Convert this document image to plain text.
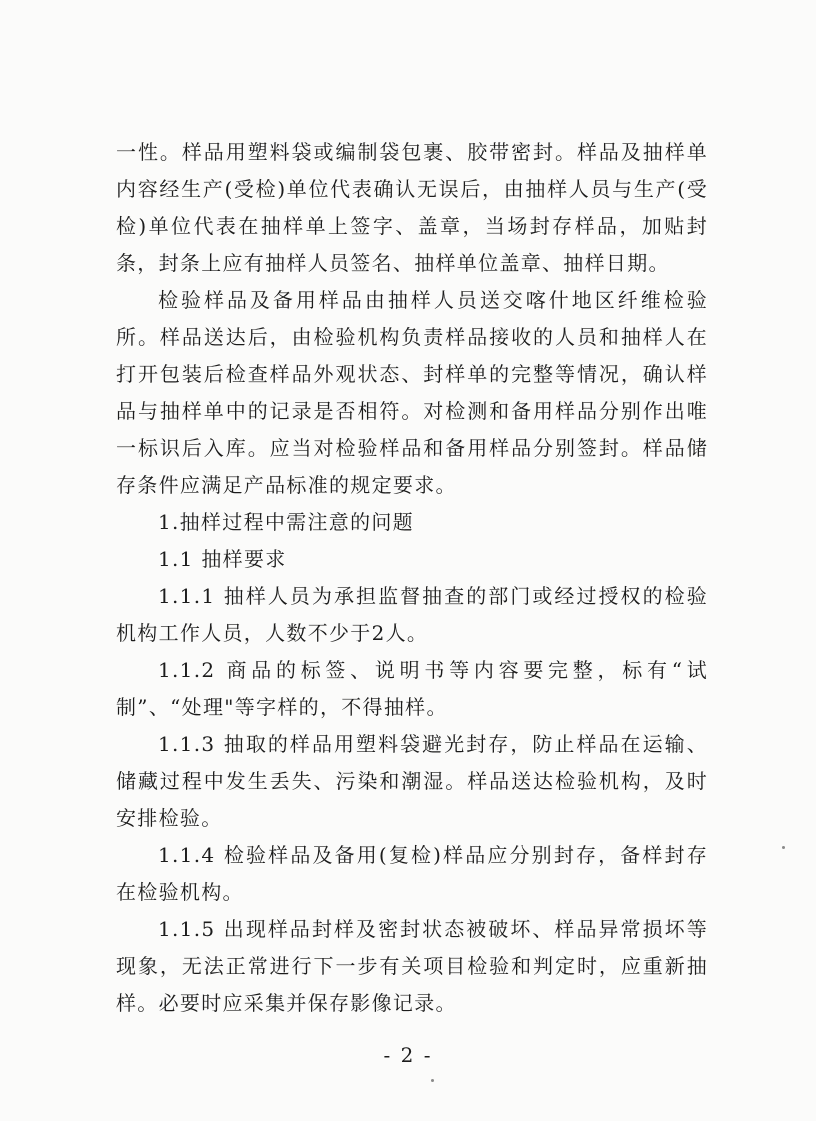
一性。样品用塑料袋或编制袋包裹、胶带密封。样品及抽样单内容经生产(受检)单位代表确认无误后，由抽样人员与生产(受检)单位代表在抽样单上签字、盖章，当场封存样品，加贴封条，封条上应有抽样人员签名、抽样单位盖章、抽样日期。

检验样品及备用样品由抽样人员送交喀什地区纤维检验所。样品送达后，由检验机构负责样品接收的人员和抽样人在打开包装后检查样品外观状态、封样单的完整等情况，确认样品与抽样单中的记录是否相符。对检测和备用样品分别作出唯一标识后入库。应当对检验样品和备用样品分别签封。样品储存条件应满足产品标准的规定要求。

1.抽样过程中需注意的问题

1.1 抽样要求

1.1.1 抽样人员为承担监督抽查的部门或经过授权的检验机构工作人员，人数不少于2人。

1.1.2 商品的标签、说明书等内容要完整，标有“试制”、“处理"等字样的，不得抽样。

1.1.3 抽取的样品用塑料袋避光封存，防止样品在运输、储藏过程中发生丢失、污染和潮湿。样品送达检验机构，及时安排检验。

1.1.4 检验样品及备用(复检)样品应分别封存，备样封存在检验机构。

1.1.5 出现样品封样及密封状态被破坏、样品异常损坏等现象，无法正常进行下一步有关项目检验和判定时，应重新抽样。必要时应采集并保存影像记录。

- 2 -
